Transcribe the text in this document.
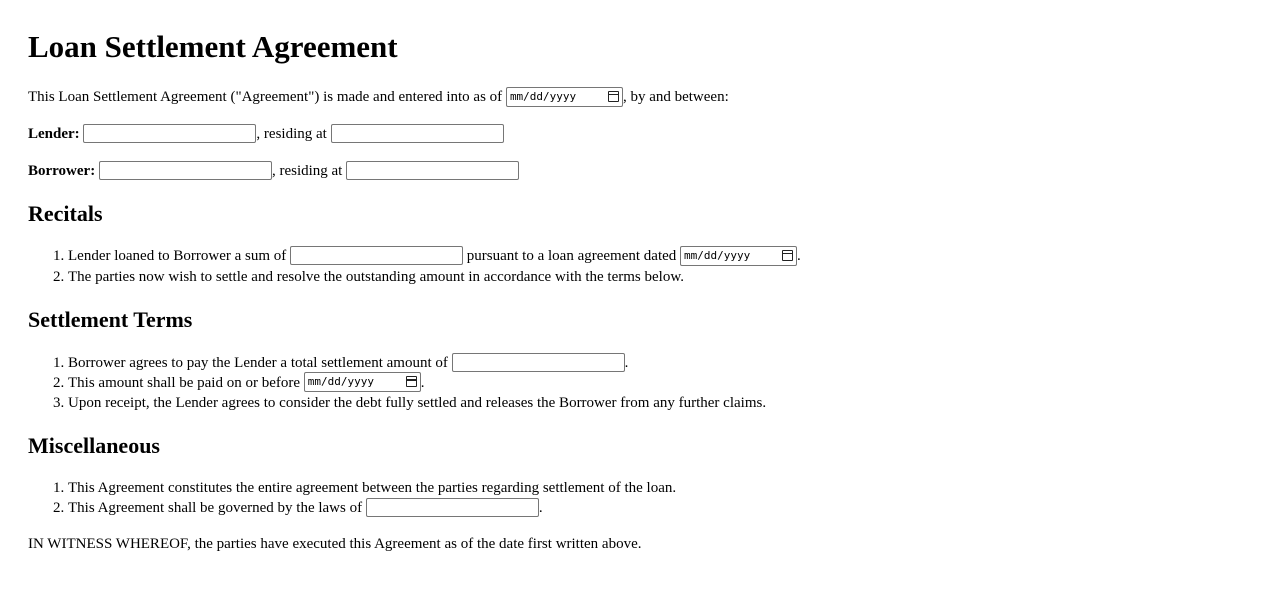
Loan Settlement Agreement

This Loan Settlement Agreement ("Agreement") is made and entered into as of mm/dd/yyyy	, by and between:

Lender:	, residing at

Borrower:	, residing at

Recitals
1. Lender loaned to Borrower a sum of	pursuant to a loan agreement dated mm/dd/yyyy	.
2. The parties now wish to settle and resolve the outstanding amount in accordance with the terms below.
Settlement Terms
1. Borrower agrees to pay the Lender a total settlement amount of	.
2. This amount shall be paid on or before mm/dd/yyyy	.
3. Upon receipt, the Lender agrees to consider the debt fully settled and releases the Borrower from any further claims.
Miscellaneous
1. This Agreement constitutes the entire agreement between the parties regarding settlement of the loan.
2. This Agreement shall be governed by the laws of	.

IN WITNESS WHEREOF, the parties have executed this Agreement as of the date first written above.
